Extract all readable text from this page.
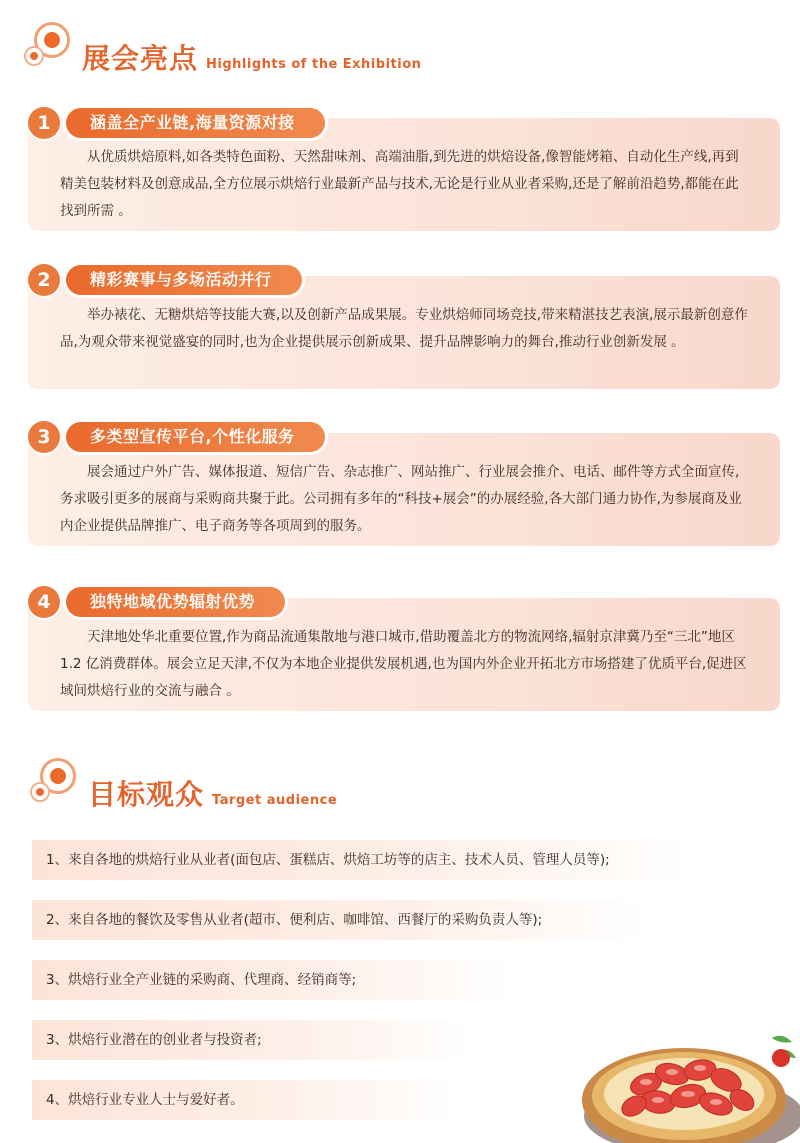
展会亮点 Highlights of the Exhibition
从优质烘焙原料,如各类特色面粉、天然甜味剂、高端油脂,到先进的烘焙设备,像智能烤箱、自动化生产线,再到精美包装材料及创意成品,全方位展示烘焙行业最新产品与技术,无论是行业从业者采购,还是了解前沿趋势,都能在此找到所需 。
1	涵盖全产业链,海量资源对接
举办裱花、无糖烘焙等技能大赛,以及创新产品成果展。专业烘焙师同场竞技,带来精湛技艺表演,展示最新创意作品,为观众带来视觉盛宴的同时,也为企业提供展示创新成果、提升品牌影响力的舞台,推动行业创新发展 。
2	精彩赛事与多场活动并行
展会通过户外广告、媒体报道、短信广告、杂志推广、网站推广、行业展会推介、电话、邮件等方式全面宣传,务求吸引更多的展商与采购商共聚于此。公司拥有多年的“科技+展会”的办展经验,各大部门通力协作,为参展商及业内企业提供品牌推广、电子商务等各项周到的服务。
3	多类型宣传平台,个性化服务
天津地处华北重要位置,作为商品流通集散地与港口城市,借助覆盖北方的物流网络,辐射京津冀乃至“三北”地区 1.2 亿消费群体。展会立足天津,不仅为本地企业提供发展机遇,也为国内外企业开拓北方市场搭建了优质平台,促进区域间烘焙行业的交流与融合 。
4	独特地域优势辐射优势
目标观众 Target audience
1、来自各地的烘焙行业从业者(面包店、蛋糕店、烘焙工坊等的店主、技术人员、管理人员等);
2、来自各地的餐饮及零售从业者(超市、便利店、咖啡馆、西餐厅的采购负责人等);
3、烘焙行业全产业链的采购商、代理商、经销商等;
3、烘焙行业潜在的创业者与投资者;
4、烘焙行业专业人士与爱好者。
